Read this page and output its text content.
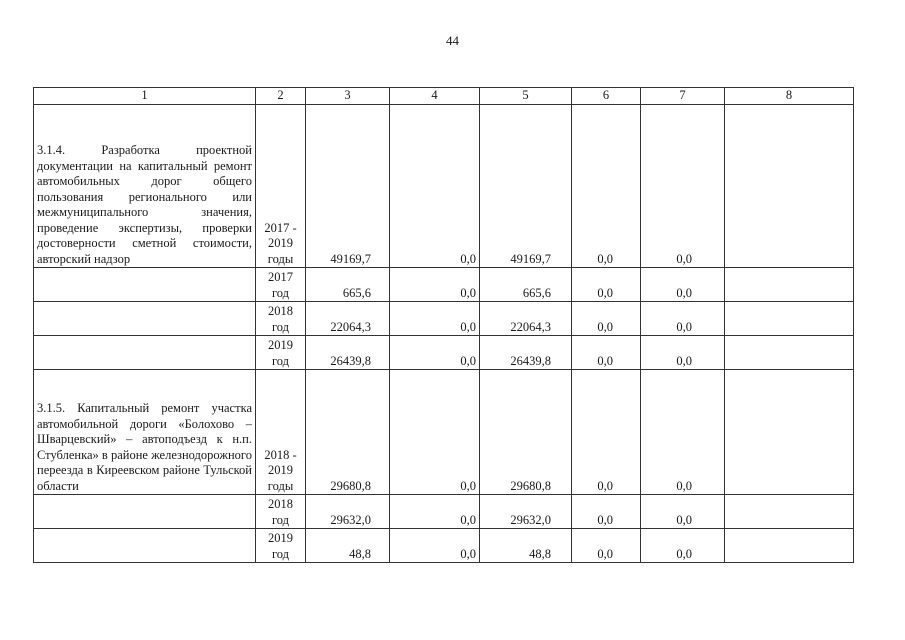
44
1	2	3	4	5	6	7	8
3.1.4. Разработка проектной документации на капитальный ремонт автомобильных дорог общего пользования регионального или межмуниципального значения, проведение экспертизы, проверки достоверности сметной стоимости, авторский надзор	2017 - 2019 годы	49169,7	0,0	49169,7	0,0	0,0	
	2017 год	665,6	0,0	665,6	0,0	0,0	
	2018 год	22064,3	0,0	22064,3	0,0	0,0	
	2019 год	26439,8	0,0	26439,8	0,0	0,0	
3.1.5. Капитальный ремонт участка автомобильной дороги «Болохово – Шварцевский» – автоподъезд к н.п. Стубленка» в районе железнодорожного переезда в Киреевском районе Тульской области	2018 - 2019 годы	29680,8	0,0	29680,8	0,0	0,0	
	2018 год	29632,0	0,0	29632,0	0,0	0,0	
	2019 год	48,8	0,0	48,8	0,0	0,0	
